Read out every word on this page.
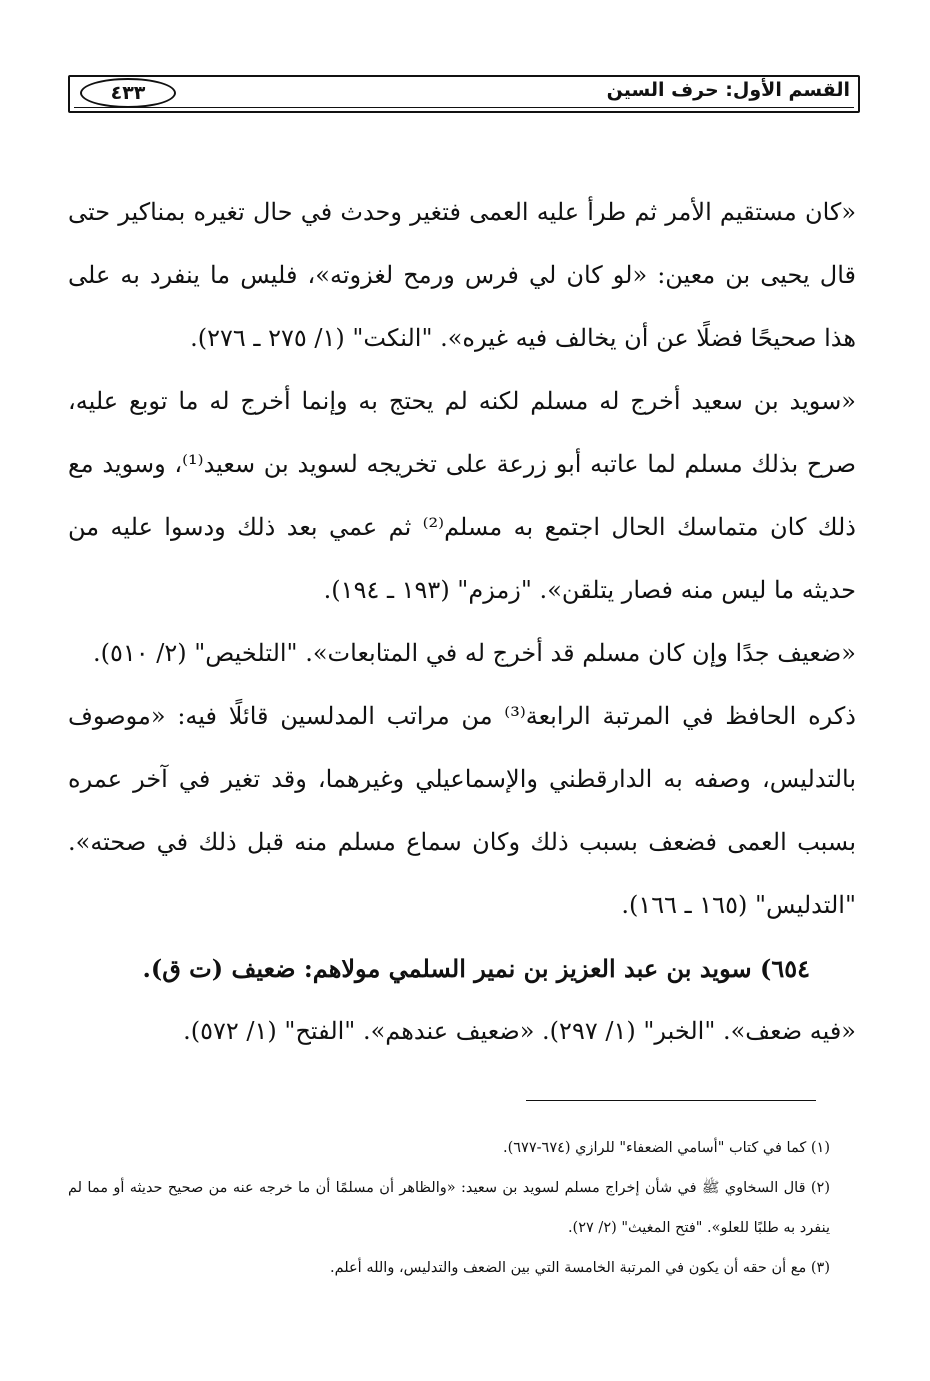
القسم الأول: حرف السين
٤٣٣

«كان مستقيم الأمر ثم طرأ عليه العمى فتغير وحدث في حال تغيره بمناكير حتى قال يحيى بن معين: «لو كان لي فرس ورمح لغزوته»، فليس ما ينفرد به على هذا صحيحًا فضلًا عن أن يخالف فيه غيره». "النكت" (١/ ٢٧٥ ـ ٢٧٦).

«سويد بن سعيد أخرج له مسلم لكنه لم يحتج به وإنما أخرج له ما توبع عليه، صرح بذلك مسلم لما عاتبه أبو زرعة على تخريجه لسويد بن سعيد⁽¹⁾، وسويد مع ذلك كان متماسك الحال اجتمع به مسلم⁽²⁾ ثم عمي بعد ذلك ودسوا عليه من حديثه ما ليس منه فصار يتلقن». "زمزم" (١٩٣ ـ ١٩٤).

«ضعيف جدًا وإن كان مسلم قد أخرج له في المتابعات». "التلخيص" (٢/ ٥١٠).

ذكره الحافظ في المرتبة الرابعة⁽³⁾ من مراتب المدلسين قائلًا فيه: «موصوف بالتدليس، وصفه به الدارقطني والإسماعيلي وغيرهما، وقد تغير في آخر عمره بسبب العمى فضعف بسبب ذلك وكان سماع مسلم منه قبل ذلك في صحته». "التدليس" (١٦٥ ـ ١٦٦).

٦٥٤) سويد بن عبد العزيز بن نمير السلمي مولاهم: ضعيف (ت ق).

«فيه ضعف». "الخبر" (١/ ٢٩٧). «ضعيف عندهم». "الفتح" (١/ ٥٧٢).

(١) كما في كتاب "أسامي الضعفاء" للرازي (٦٧٤-٦٧٧).

(٢) قال السخاوي ﷺ في شأن إخراج مسلم لسويد بن سعيد: «والظاهر أن مسلمًا أن ما خرجه عنه من صحيح حديثه أو مما لم ينفرد به طلبًا للعلو». "فتح المغيث" (٢/ ٢٧).

(٣) مع أن حقه أن يكون في المرتبة الخامسة التي بين الضعف والتدليس، والله أعلم.
